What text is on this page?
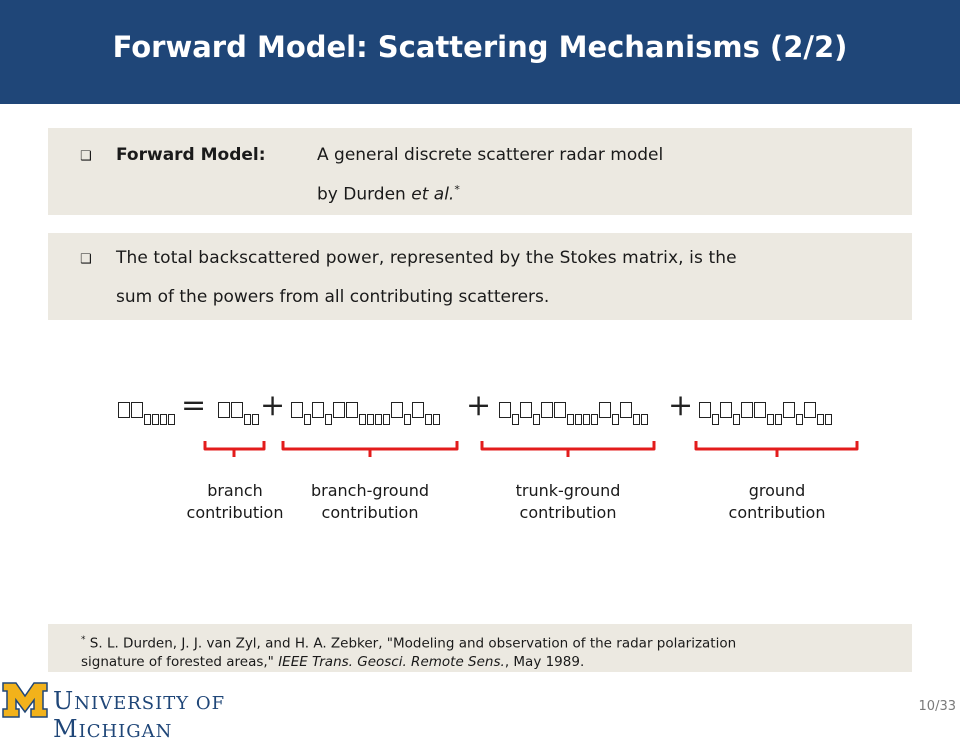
Forward Model: Scattering Mechanisms (2/2)
❑ Forward Model:	A general discrete scatterer radar model
by Durden et al.*
❑ The total backscattered power, represented by the Stokes matrix, is the
sum of the powers from all contributing scatterers.
= +	+	+
branch
contribution
branch-ground
contribution
trunk-ground
contribution
ground
contribution
* S. L. Durden, J. J. van Zyl, and H. A. Zebker, "Modeling and observation of the radar polarization
signature of forested areas," IEEE Trans. Geosci. Remote Sens., May 1989.
UNIVERSITY OF MICHIGAN
10/33
